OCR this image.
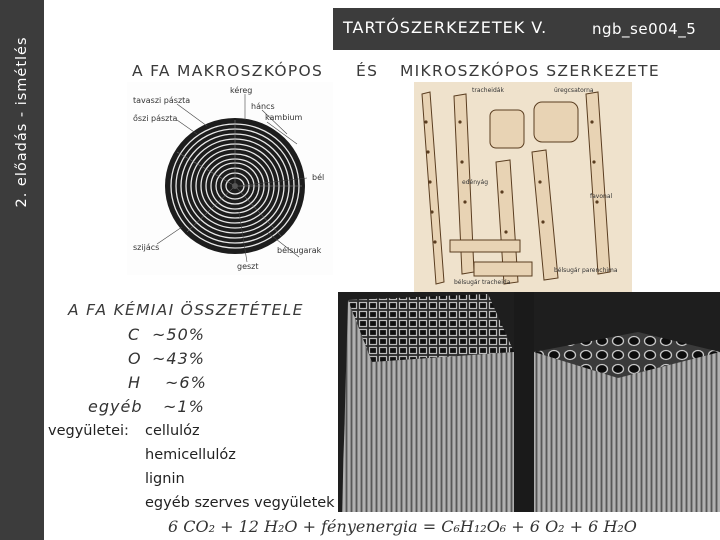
2. előadás - ismétlés
TARTÓSZERKEZETEK V.	ngb_se004_5
A FA MAKROSZKÓPOS ÉS MIKROSZKÓPOS SZERKEZETE
tavaszi pászta
őszi pászta
kéreg
háncs
kambium
bél
szijács	bélsugarak
geszt
tracheidák	üregcsatorna
edényág
favonal
bélsugár parenchima
bélsugár tracheida
A FA KÉMIAI ÖSSZETÉTELE
C ~50%
O ~43%
H ~6%
egyéb ~1%
vegyületei: cellulóz
hemicellulóz
lignin
egyéb szerves vegyületek
6 CO₂ + 12 H₂O + fényenergia = C₆H₁₂O₆ + 6 O₂ + 6 H₂O
